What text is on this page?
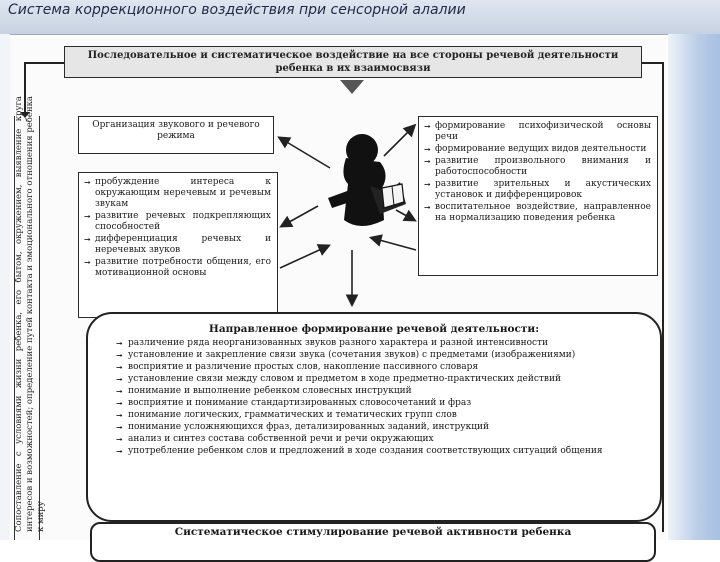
Система коррекционного воздействия при сенсорной алалии
Последовательное и систематическое воздействие на все стороны речевой деятельности ребенка в их взаимосвязи
Сопоставление с условиями жизни ребенка, его бытом, окружением, выявление круга интересов и возможностей; определение путей контакта и эмоционального отношения ребенка к миру
Организация звукового и речевого режима
➞ пробуждение интереса к окружающим неречевым и речевым звукам
➞ развитие речевых подкрепляющих способностей
➞ дифференциация речевых и неречевых звуков
➞ развитие потребности общения, его мотивационной основы
➞ формирование психофизической основы речи
➞ формирование ведущих видов деятельности
➞ развитие произвольного внимания и работоспособности
➞ развитие зрительных и акустических установок и дифференцировок
➞ воспитательное воздействие, направленное на нормализацию поведения ребенка
Направленное формирование речевой деятельности:
➞ различение ряда неорганизованных звуков разного характера и разной интенсивности
➞ установление и закрепление связи звука (сочетания звуков) с предметами (изображениями)
➞ восприятие и различение простых слов, накопление пассивного словаря
➞ установление связи между словом и предметом в ходе предметно-практических действий
➞ понимание и выполнение ребенком словесных инструкций
➞ восприятие и понимание стандартизированных словосочетаний и фраз
➞ понимание логических, грамматических и тематических групп слов
➞ понимание усложняющихся фраз, детализированных заданий, инструкций
➞ анализ и синтез состава собственной речи и речи окружающих
➞ употребление ребенком слов и предложений в ходе создания соответствующих ситуаций общения
Систематическое стимулирование речевой активности ребенка
